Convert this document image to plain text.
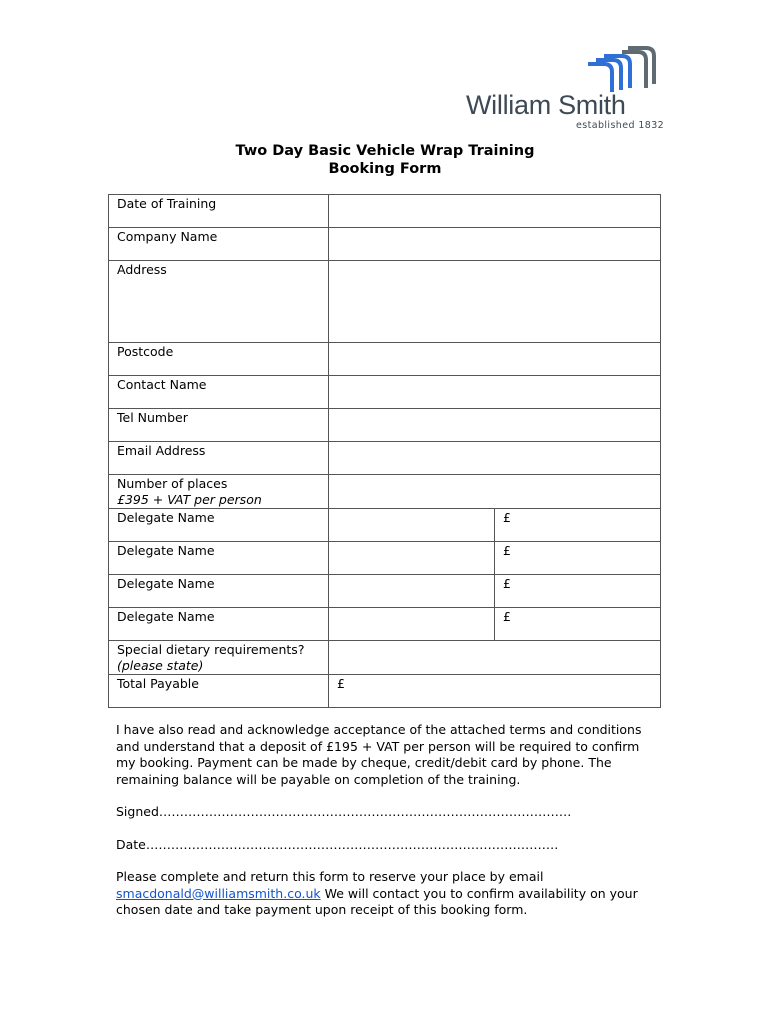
William Smith
established 1832
Two Day Basic Vehicle Wrap Training
Booking Form
Date of Training		
Company Name		
Address		
Postcode		
Contact Name		
Tel Number		
Email Address		

Number of places
£395 + VAT per person		

Delegate Name		£
Delegate Name		£
Delegate Name		£
Delegate Name		£

Special dietary requirements?
(please state)		

Total Payable	£	
I have also read and acknowledge acceptance of the attached terms and conditions and understand that a deposit of £195 + VAT per person will be required to confirm my booking. Payment can be made by cheque, credit/debit card by phone. The remaining balance will be payable on completion of the training.
Signed………………………………………………………………………………………
Date………………………………………………………………………………………
Please complete and return this form to reserve your place by email
smacdonald@williamsmith.co.uk We will contact you to confirm availability on your chosen date and take payment upon receipt of this booking form.
